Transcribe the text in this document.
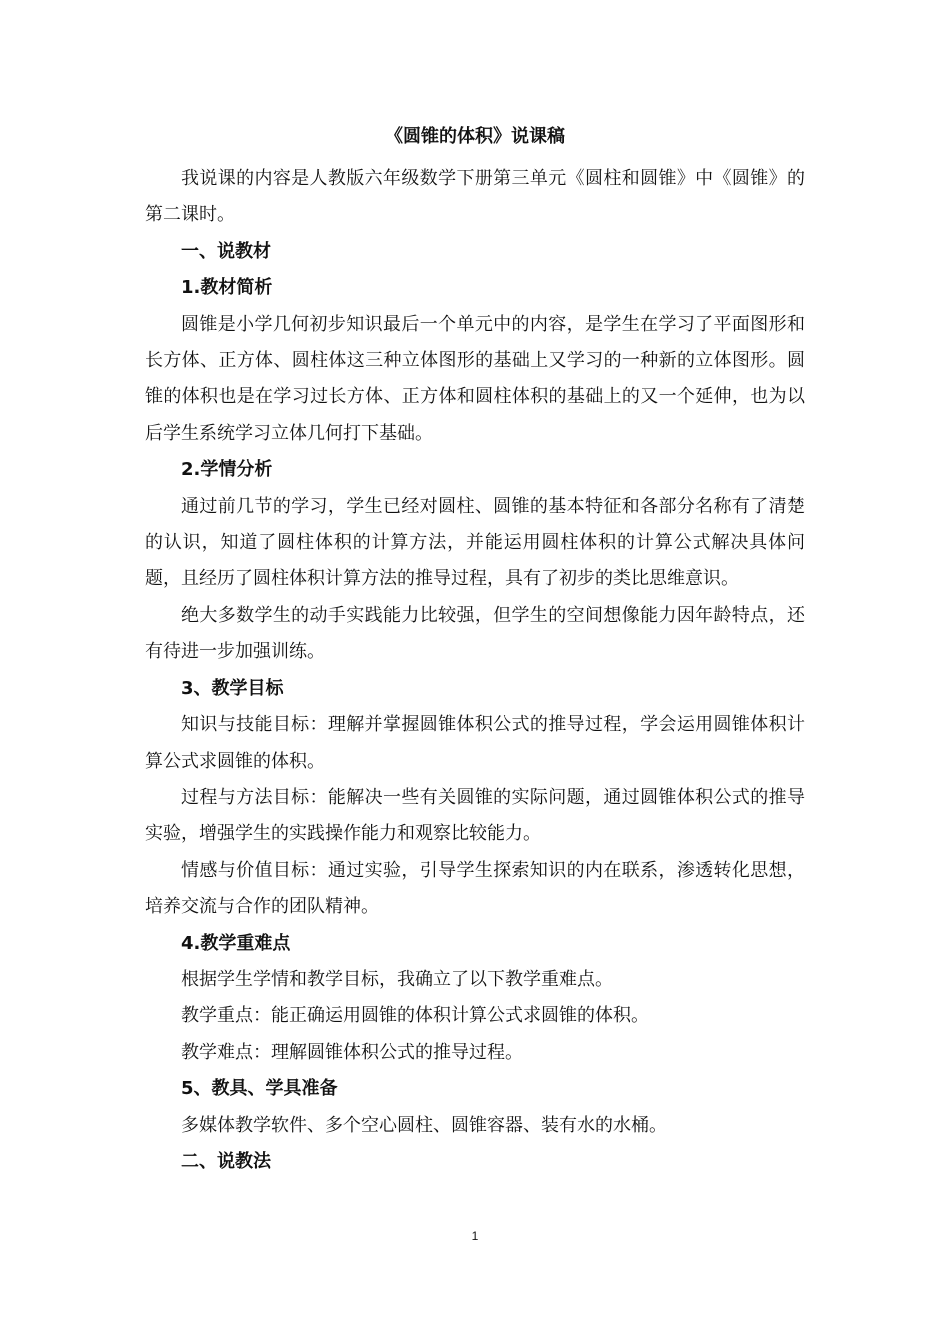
《圆锥的体积》说课稿

我说课的内容是人教版六年级数学下册第三单元《圆柱和圆锥》中《圆锥》的第二课时。

一、说教材

1.教材简析

圆锥是小学几何初步知识最后一个单元中的内容，是学生在学习了平面图形和长方体、正方体、圆柱体这三种立体图形的基础上又学习的一种新的立体图形。圆锥的体积也是在学习过长方体、正方体和圆柱体积的基础上的又一个延伸，也为以后学生系统学习立体几何打下基础。

2.学情分析

通过前几节的学习，学生已经对圆柱、圆锥的基本特征和各部分名称有了清楚的认识，知道了圆柱体积的计算方法，并能运用圆柱体积的计算公式解决具体问题，且经历了圆柱体积计算方法的推导过程，具有了初步的类比思维意识。

绝大多数学生的动手实践能力比较强，但学生的空间想像能力因年龄特点，还有待进一步加强训练。

3、教学目标

知识与技能目标：理解并掌握圆锥体积公式的推导过程，学会运用圆锥体积计算公式求圆锥的体积。

过程与方法目标：能解决一些有关圆锥的实际问题，通过圆锥体积公式的推导实验，增强学生的实践操作能力和观察比较能力。

情感与价值目标：通过实验，引导学生探索知识的内在联系，渗透转化思想，培养交流与合作的团队精神。

4.教学重难点

根据学生学情和教学目标，我确立了以下教学重难点。

教学重点：能正确运用圆锥的体积计算公式求圆锥的体积。

教学难点：理解圆锥体积公式的推导过程。

5、教具、学具准备

多媒体教学软件、多个空心圆柱、圆锥容器、装有水的水桶。

二、说教法

1
